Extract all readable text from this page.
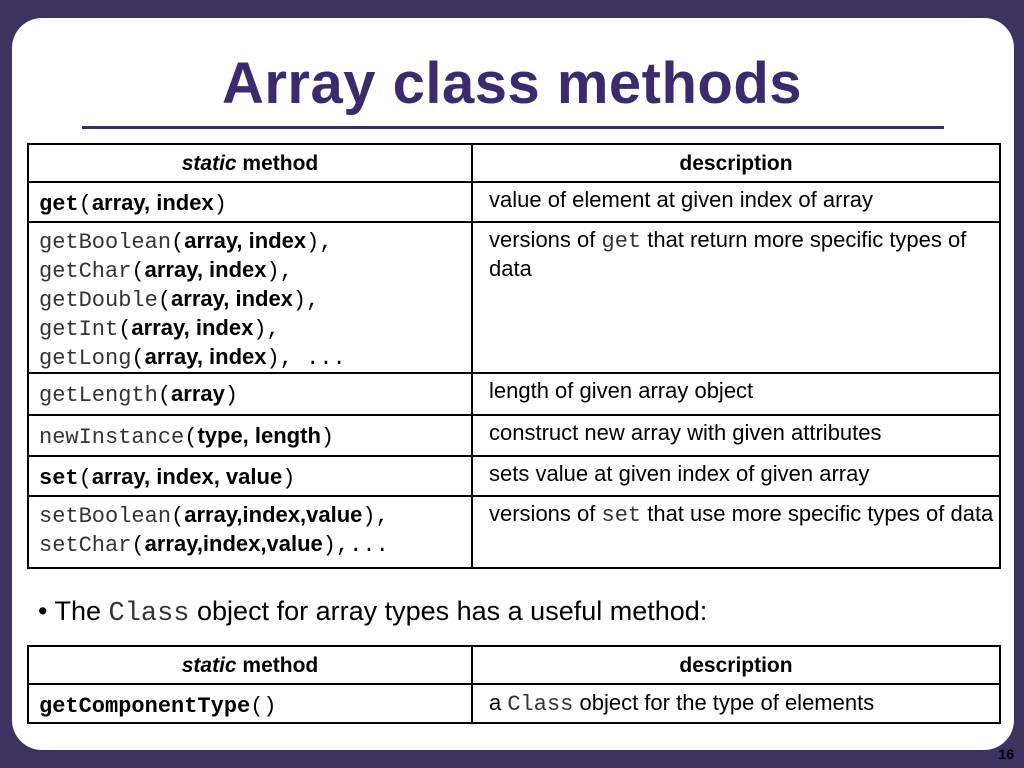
Array class methods
static method	description

get(array, index)	value of element at given index of array

getBoolean(array, index),
getChar(array, index),
getDouble(array, index),
getInt(array, index),
getLong(array, index), ...	versions of get that return more specific types of data

getLength(array)	length of given array object

newInstance(type, length)	construct new array with given attributes

set(array, index, value)	sets value at given index of given array

setBoolean(array,index,value),
setChar(array,index,value),...	versions of set that use more specific types of data
• The Class object for array types has a useful method:
static method	description
getComponentType()	a Class object for the type of elements
16
